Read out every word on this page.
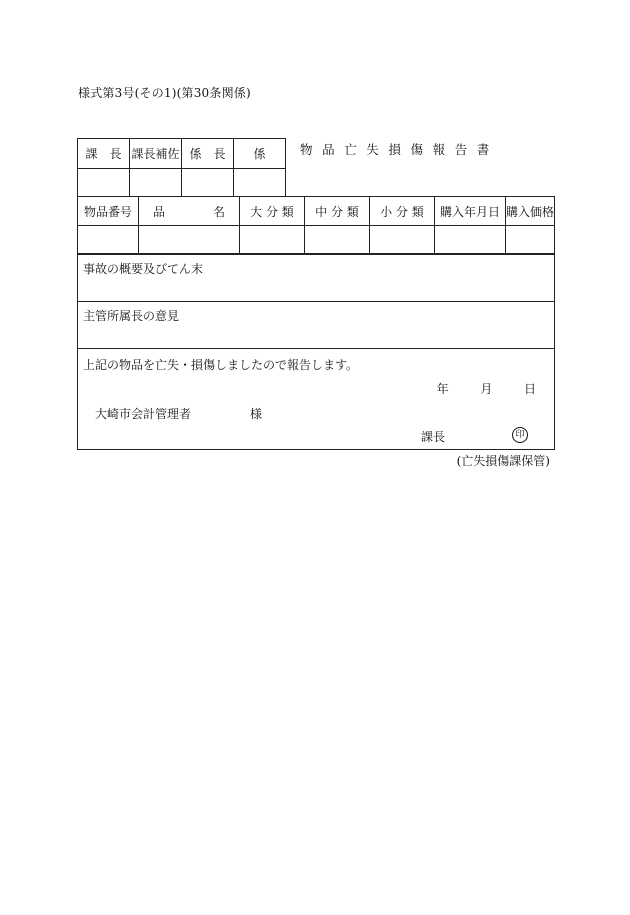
様式第3号(その1)(第30条関係)
課　長	課長補佐	係　長	係
				物品亡失損傷報告書
物品番号	品　　　　名	大 分 類	中 分 類	小 分 類	購入年月日	購入価格

事故の概要及びてん末
主管所属長の意見
上記の物品を亡失・損傷しましたので報告します。
年	月	日
大崎市会計管理者	様
課長	印
(亡失損傷課保管)
